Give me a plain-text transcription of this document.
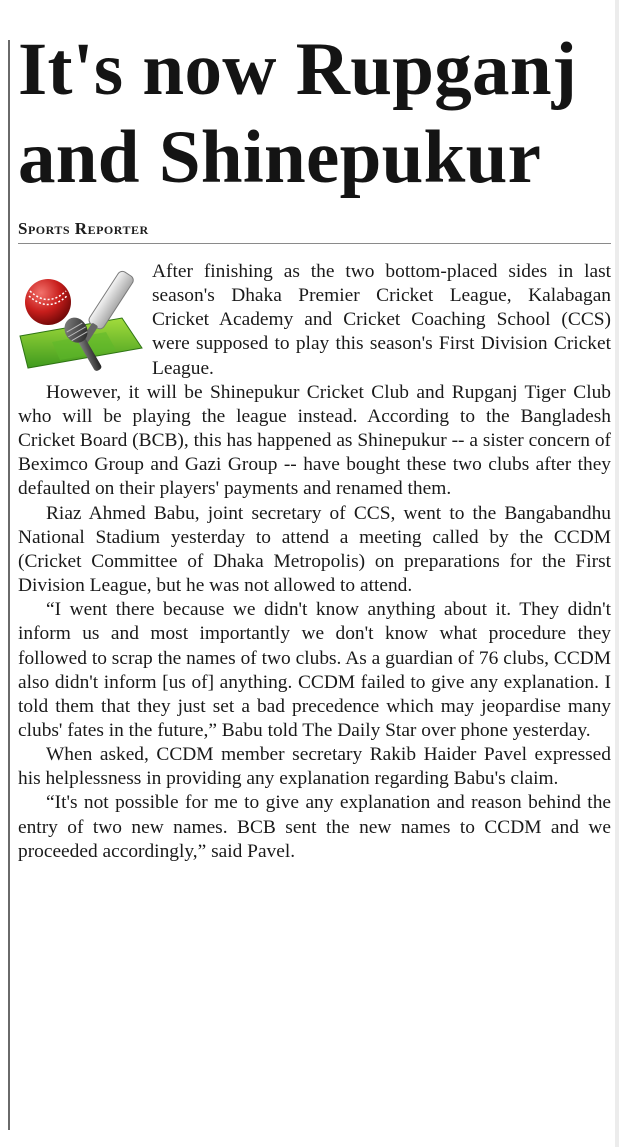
It's now Rupganj
and Shinepukur
Sports Reporter

After finishing as the two bottom-placed sides in last season's Dhaka Premier Cricket League, Kalabagan Cricket Academy and Cricket Coaching School (CCS) were supposed to play this season's First Division Cricket League.

However, it will be Shinepukur Cricket Club and Rupganj Tiger Club who will be playing the league instead. According to the Bangladesh Cricket Board (BCB), this has happened as Shinepukur -- a sister concern of Beximco Group and Gazi Group -- have bought these two clubs after they defaulted on their players' payments and renamed them.

Riaz Ahmed Babu, joint secretary of CCS, went to the Bangabandhu National Stadium yesterday to attend a meeting called by the CCDM (Cricket Committee of Dhaka Metropolis) on preparations for the First Division League, but he was not allowed to attend.

“I went there because we didn't know anything about it. They didn't inform us and most importantly we don't know what procedure they followed to scrap the names of two clubs. As a guardian of 76 clubs, CCDM also didn't inform [us of] anything. CCDM failed to give any explanation. I told them that they just set a bad precedence which may jeopardise many clubs' fates in the future,” Babu told The Daily Star over phone yesterday.

When asked, CCDM member secretary Rakib Haider Pavel expressed his helplessness in providing any explanation regarding Babu's claim.

“It's not possible for me to give any explanation and reason behind the entry of two new names. BCB sent the new names to CCDM and we proceeded accordingly,” said Pavel.
